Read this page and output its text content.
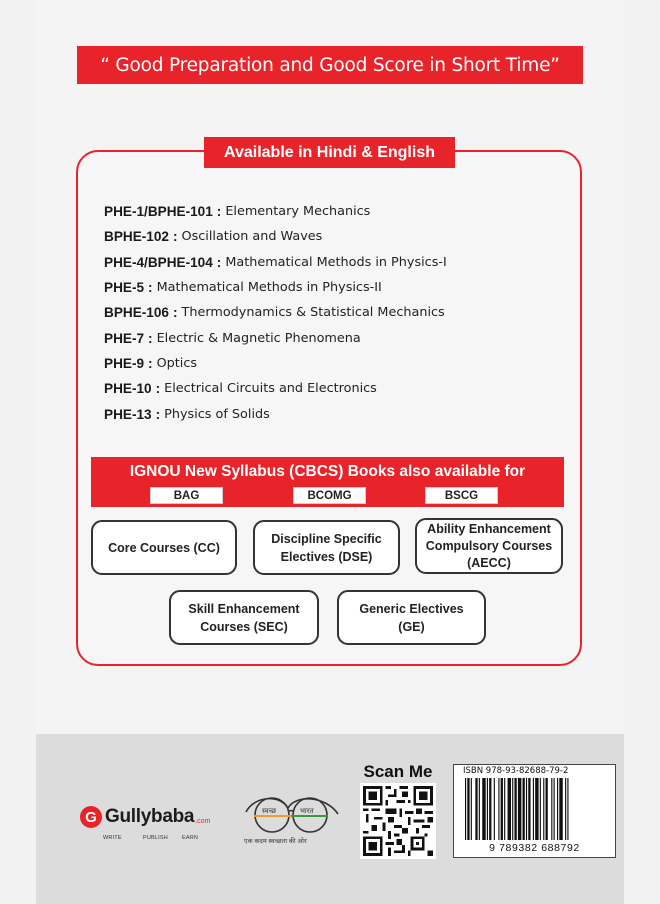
“ Good Preparation and Good Score in Short Time”
Available in Hindi & English
PHE-1/BPHE-101 : Elementary Mechanics
BPHE-102 : Oscillation and Waves
PHE-4/BPHE-104 : Mathematical Methods in Physics-I
PHE-5 : Mathematical Methods in Physics-II
BPHE-106 : Thermodynamics & Statistical Mechanics
PHE-7 : Electric & Magnetic Phenomena
PHE-9 : Optics
PHE-10 : Electrical Circuits and Electronics
PHE-13 : Physics of Solids
IGNOU New Syllabus (CBCS) Books also available for
BAG	BCOMG	BSCG
Core Courses (CC)
Discipline Specific
Electives (DSE)
Ability Enhancement
Compulsory Courses
(AECC)
Skill Enhancement
Courses (SEC)
Generic Electives
(GE)
G Gullybaba .com
WRITE	PUBLISH	EARN
स्वच्छ	भारत
एक कदम स्वच्छता की ओर
Scan Me	ISBN 978-93-82688-79-2
9 789382 688792
